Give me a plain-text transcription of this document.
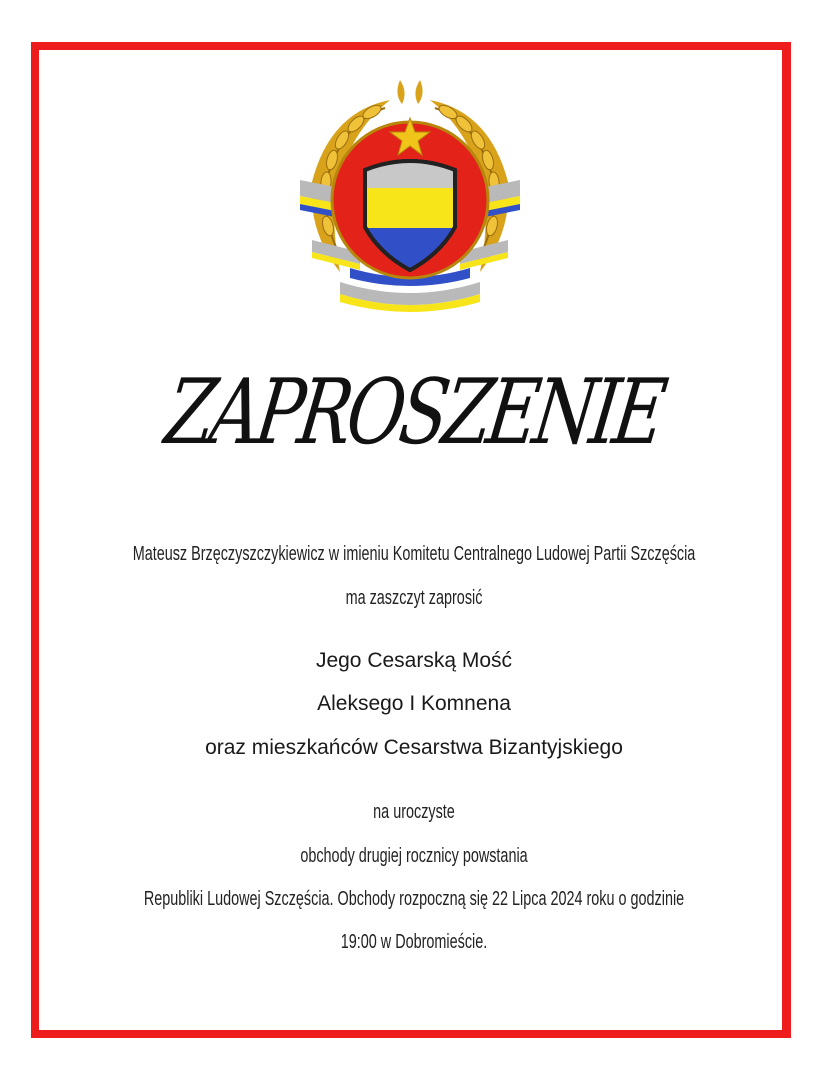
ZAPROSZENIE
Mateusz Brzęczyszczykiewicz w imieniu Komitetu Centralnego Ludowej Partii Szczęścia
ma zaszczyt zaprosić
Jego Cesarską Mość
Aleksego I Komnena
oraz mieszkańców Cesarstwa Bizantyjskiego
na uroczyste
obchody drugiej rocznicy powstania
Republiki Ludowej Szczęścia. Obchody rozpoczną się 22 Lipca 2024 roku o godzinie
19:00 w Dobromieście.
